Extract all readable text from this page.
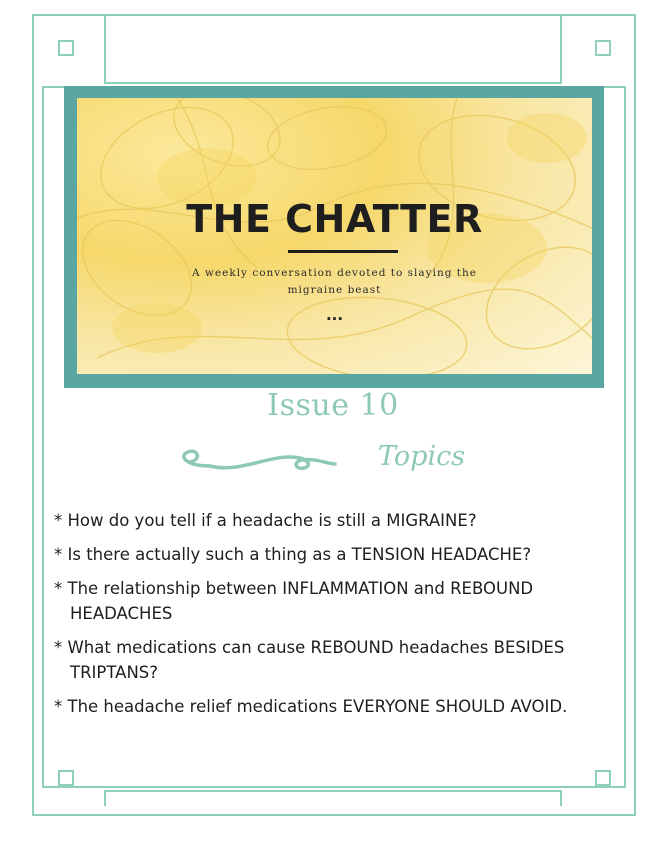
THE CHATTER
A weekly conversation devoted to slaying the migraine beast
...
Issue 10
Topics
* How do you tell if a headache is still a MIGRAINE?
* Is there actually such a thing as a TENSION HEADACHE?
* The relationship between INFLAMMATION and REBOUND HEADACHES
* What medications can cause REBOUND headaches BESIDES TRIPTANS?
* The headache relief medications EVERYONE SHOULD AVOID.
